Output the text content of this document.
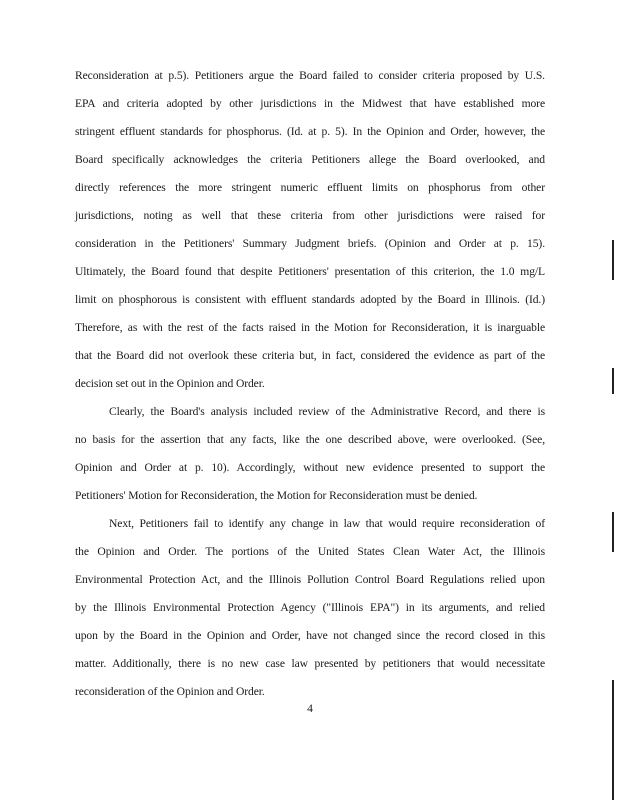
Reconsideration at p.5). Petitioners argue the Board failed to consider criteria proposed by U.S.
EPA and criteria adopted by other jurisdictions in the Midwest that have established more
stringent effluent standards for phosphorus. (Id. at p. 5). In the Opinion and Order, however, the
Board specifically acknowledges the criteria Petitioners allege the Board overlooked, and
directly references the more stringent numeric effluent limits on phosphorus from other
jurisdictions, noting as well that these criteria from other jurisdictions were raised for
consideration in the Petitioners' Summary Judgment briefs. (Opinion and Order at p. 15).
Ultimately, the Board found that despite Petitioners' presentation of this criterion, the 1.0 mg/L
limit on phosphorous is consistent with effluent standards adopted by the Board in Illinois. (Id.)
Therefore, as with the rest of the facts raised in the Motion for Reconsideration, it is inarguable
that the Board did not overlook these criteria but, in fact, considered the evidence as part of the
decision set out in the Opinion and Order.
Clearly, the Board's analysis included review of the Administrative Record, and there is
no basis for the assertion that any facts, like the one described above, were overlooked. (See,
Opinion and Order at p. 10). Accordingly, without new evidence presented to support the
Petitioners' Motion for Reconsideration, the Motion for Reconsideration must be denied.
Next, Petitioners fail to identify any change in law that would require reconsideration of
the Opinion and Order. The portions of the United States Clean Water Act, the Illinois
Environmental Protection Act, and the Illinois Pollution Control Board Regulations relied upon
by the Illinois Environmental Protection Agency ("Illinois EPA") in its arguments, and relied
upon by the Board in the Opinion and Order, have not changed since the record closed in this
matter. Additionally, there is no new case law presented by petitioners that would necessitate
reconsideration of the Opinion and Order.
4
